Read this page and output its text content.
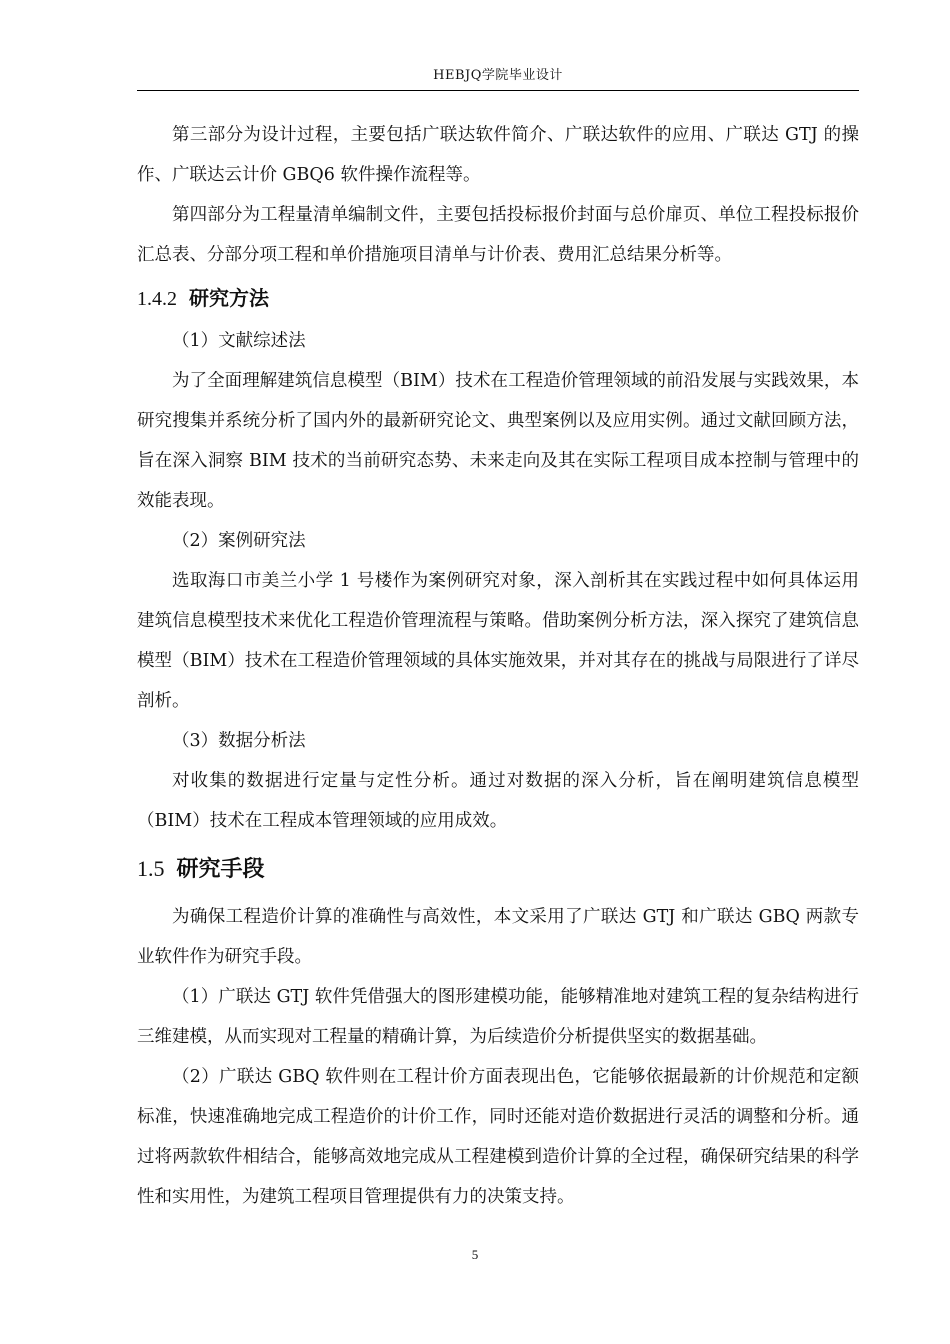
HEBJQ学院毕业设计

第三部分为设计过程，主要包括广联达软件简介、广联达软件的应用、广联达 GTJ 的操作、广联达云计价 GBQ6 软件操作流程等。

第四部分为工程量清单编制文件，主要包括投标报价封面与总价扉页、单位工程投标报价汇总表、分部分项工程和单价措施项目清单与计价表、费用汇总结果分析等。

1.4.2 研究方法

（1）文献综述法

为了全面理解建筑信息模型（BIM）技术在工程造价管理领域的前沿发展与实践效果，本研究搜集并系统分析了国内外的最新研究论文、典型案例以及应用实例。通过文献回顾方法，旨在深入洞察 BIM 技术的当前研究态势、未来走向及其在实际工程项目成本控制与管理中的效能表现。

（2）案例研究法

选取海口市美兰小学 1 号楼作为案例研究对象，深入剖析其在实践过程中如何具体运用建筑信息模型技术来优化工程造价管理流程与策略。借助案例分析方法，深入探究了建筑信息模型（BIM）技术在工程造价管理领域的具体实施效果，并对其存在的挑战与局限进行了详尽剖析。

（3）数据分析法

对收集的数据进行定量与定性分析。通过对数据的深入分析，旨在阐明建筑信息模型（BIM）技术在工程成本管理领域的应用成效。

1.5 研究手段

为确保工程造价计算的准确性与高效性，本文采用了广联达 GTJ 和广联达 GBQ 两款专业软件作为研究手段。

（1）广联达 GTJ 软件凭借强大的图形建模功能，能够精准地对建筑工程的复杂结构进行三维建模，从而实现对工程量的精确计算，为后续造价分析提供坚实的数据基础。

（2）广联达 GBQ 软件则在工程计价方面表现出色，它能够依据最新的计价规范和定额标准，快速准确地完成工程造价的计价工作，同时还能对造价数据进行灵活的调整和分析。通过将两款软件相结合，能够高效地完成从工程建模到造价计算的全过程，确保研究结果的科学性和实用性，为建筑工程项目管理提供有力的决策支持。

5
